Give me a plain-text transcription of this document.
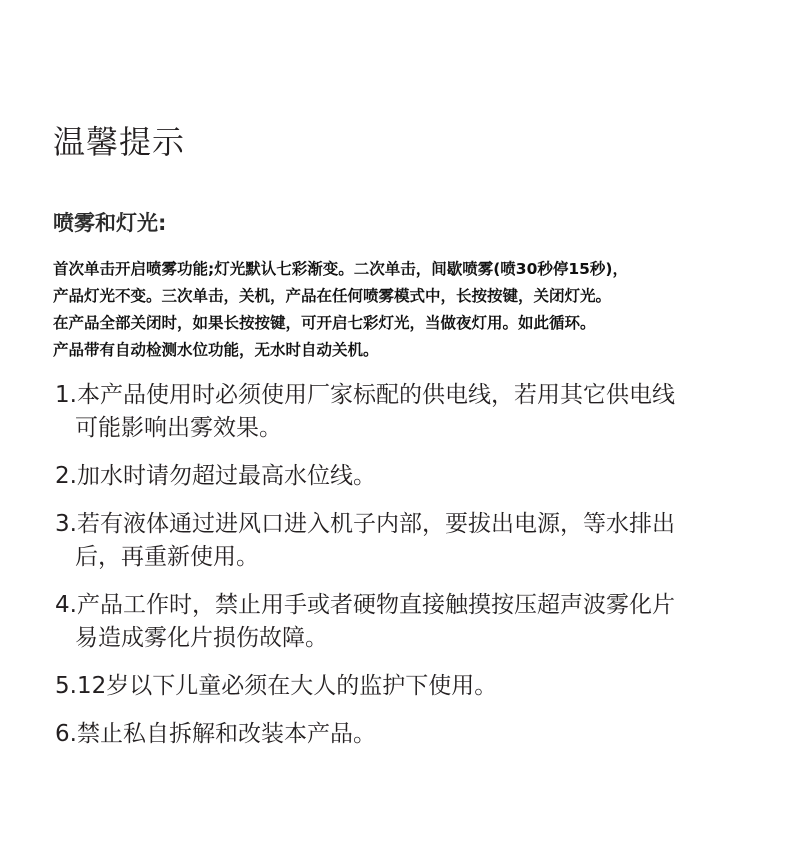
温馨提示
喷雾和灯光:
首次单击开启喷雾功能;灯光默认七彩渐变。二次单击，间歇喷雾(喷30秒停15秒)，
产品灯光不变。三次单击，关机，产品在任何喷雾模式中，长按按键，关闭灯光。
在产品全部关闭时，如果长按按键，可开启七彩灯光，当做夜灯用。如此循环。
产品带有自动检测水位功能，无水时自动关机。
1.本产品使用时必须使用厂家标配的供电线，若用其它供电线
可能影响出雾效果。
2.加水时请勿超过最高水位线。
3.若有液体通过进风口进入机子内部，要拔出电源，等水排出
后，再重新使用。
4.产品工作时，禁止用手或者硬物直接触摸按压超声波雾化片
易造成雾化片损伤故障。
5.12岁以下儿童必须在大人的监护下使用。
6.禁止私自拆解和改装本产品。
